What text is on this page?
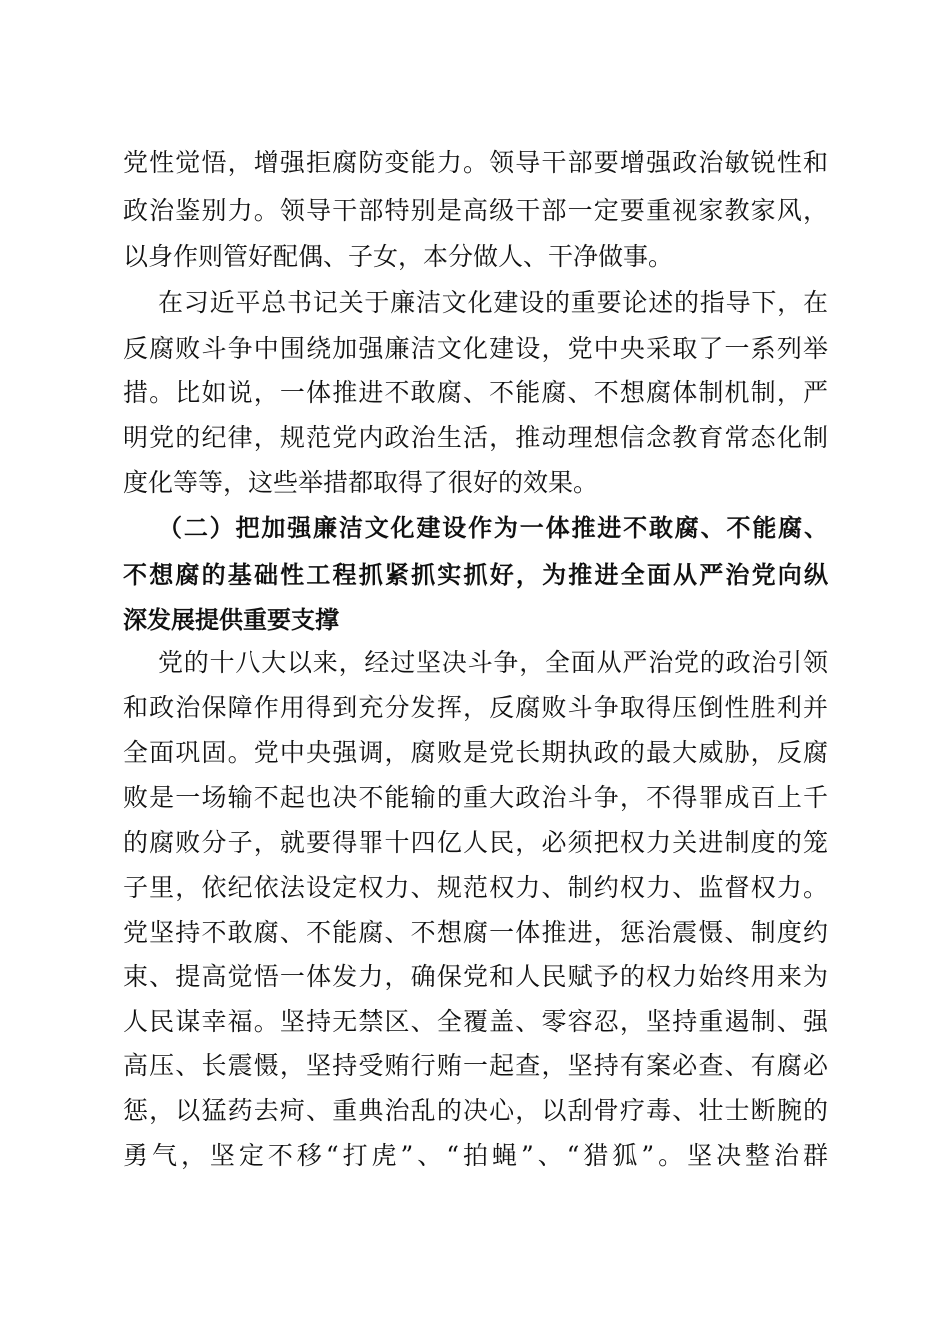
党性觉悟，增强拒腐防变能力。领导干部要增强政治敏锐性和
政治鉴别力。领导干部特别是高级干部一定要重视家教家风，
以身作则管好配偶、子女，本分做人、干净做事。
在习近平总书记关于廉洁文化建设的重要论述的指导下，在
反腐败斗争中围绕加强廉洁文化建设，党中央采取了一系列举
措。比如说，一体推进不敢腐、不能腐、不想腐体制机制，严
明党的纪律，规范党内政治生活，推动理想信念教育常态化制
度化等等，这些举措都取得了很好的效果。
（二）把加强廉洁文化建设作为一体推进不敢腐、不能腐、
不想腐的基础性工程抓紧抓实抓好，为推进全面从严治党向纵
深发展提供重要支撑
党的十八大以来，经过坚决斗争，全面从严治党的政治引领
和政治保障作用得到充分发挥，反腐败斗争取得压倒性胜利并
全面巩固。党中央强调，腐败是党长期执政的最大威胁，反腐
败是一场输不起也决不能输的重大政治斗争，不得罪成百上千
的腐败分子，就要得罪十四亿人民，必须把权力关进制度的笼
子里，依纪依法设定权力、规范权力、制约权力、监督权力。
党坚持不敢腐、不能腐、不想腐一体推进，惩治震慑、制度约
束、提高觉悟一体发力，确保党和人民赋予的权力始终用来为
人民谋幸福。坚持无禁区、全覆盖、零容忍，坚持重遏制、强
高压、长震慑，坚持受贿行贿一起查，坚持有案必查、有腐必
惩，以猛药去疴、重典治乱的决心，以刮骨疗毒、壮士断腕的
勇气，坚定不移“打虎”、“拍蝇”、“猎狐”。坚决整治群
